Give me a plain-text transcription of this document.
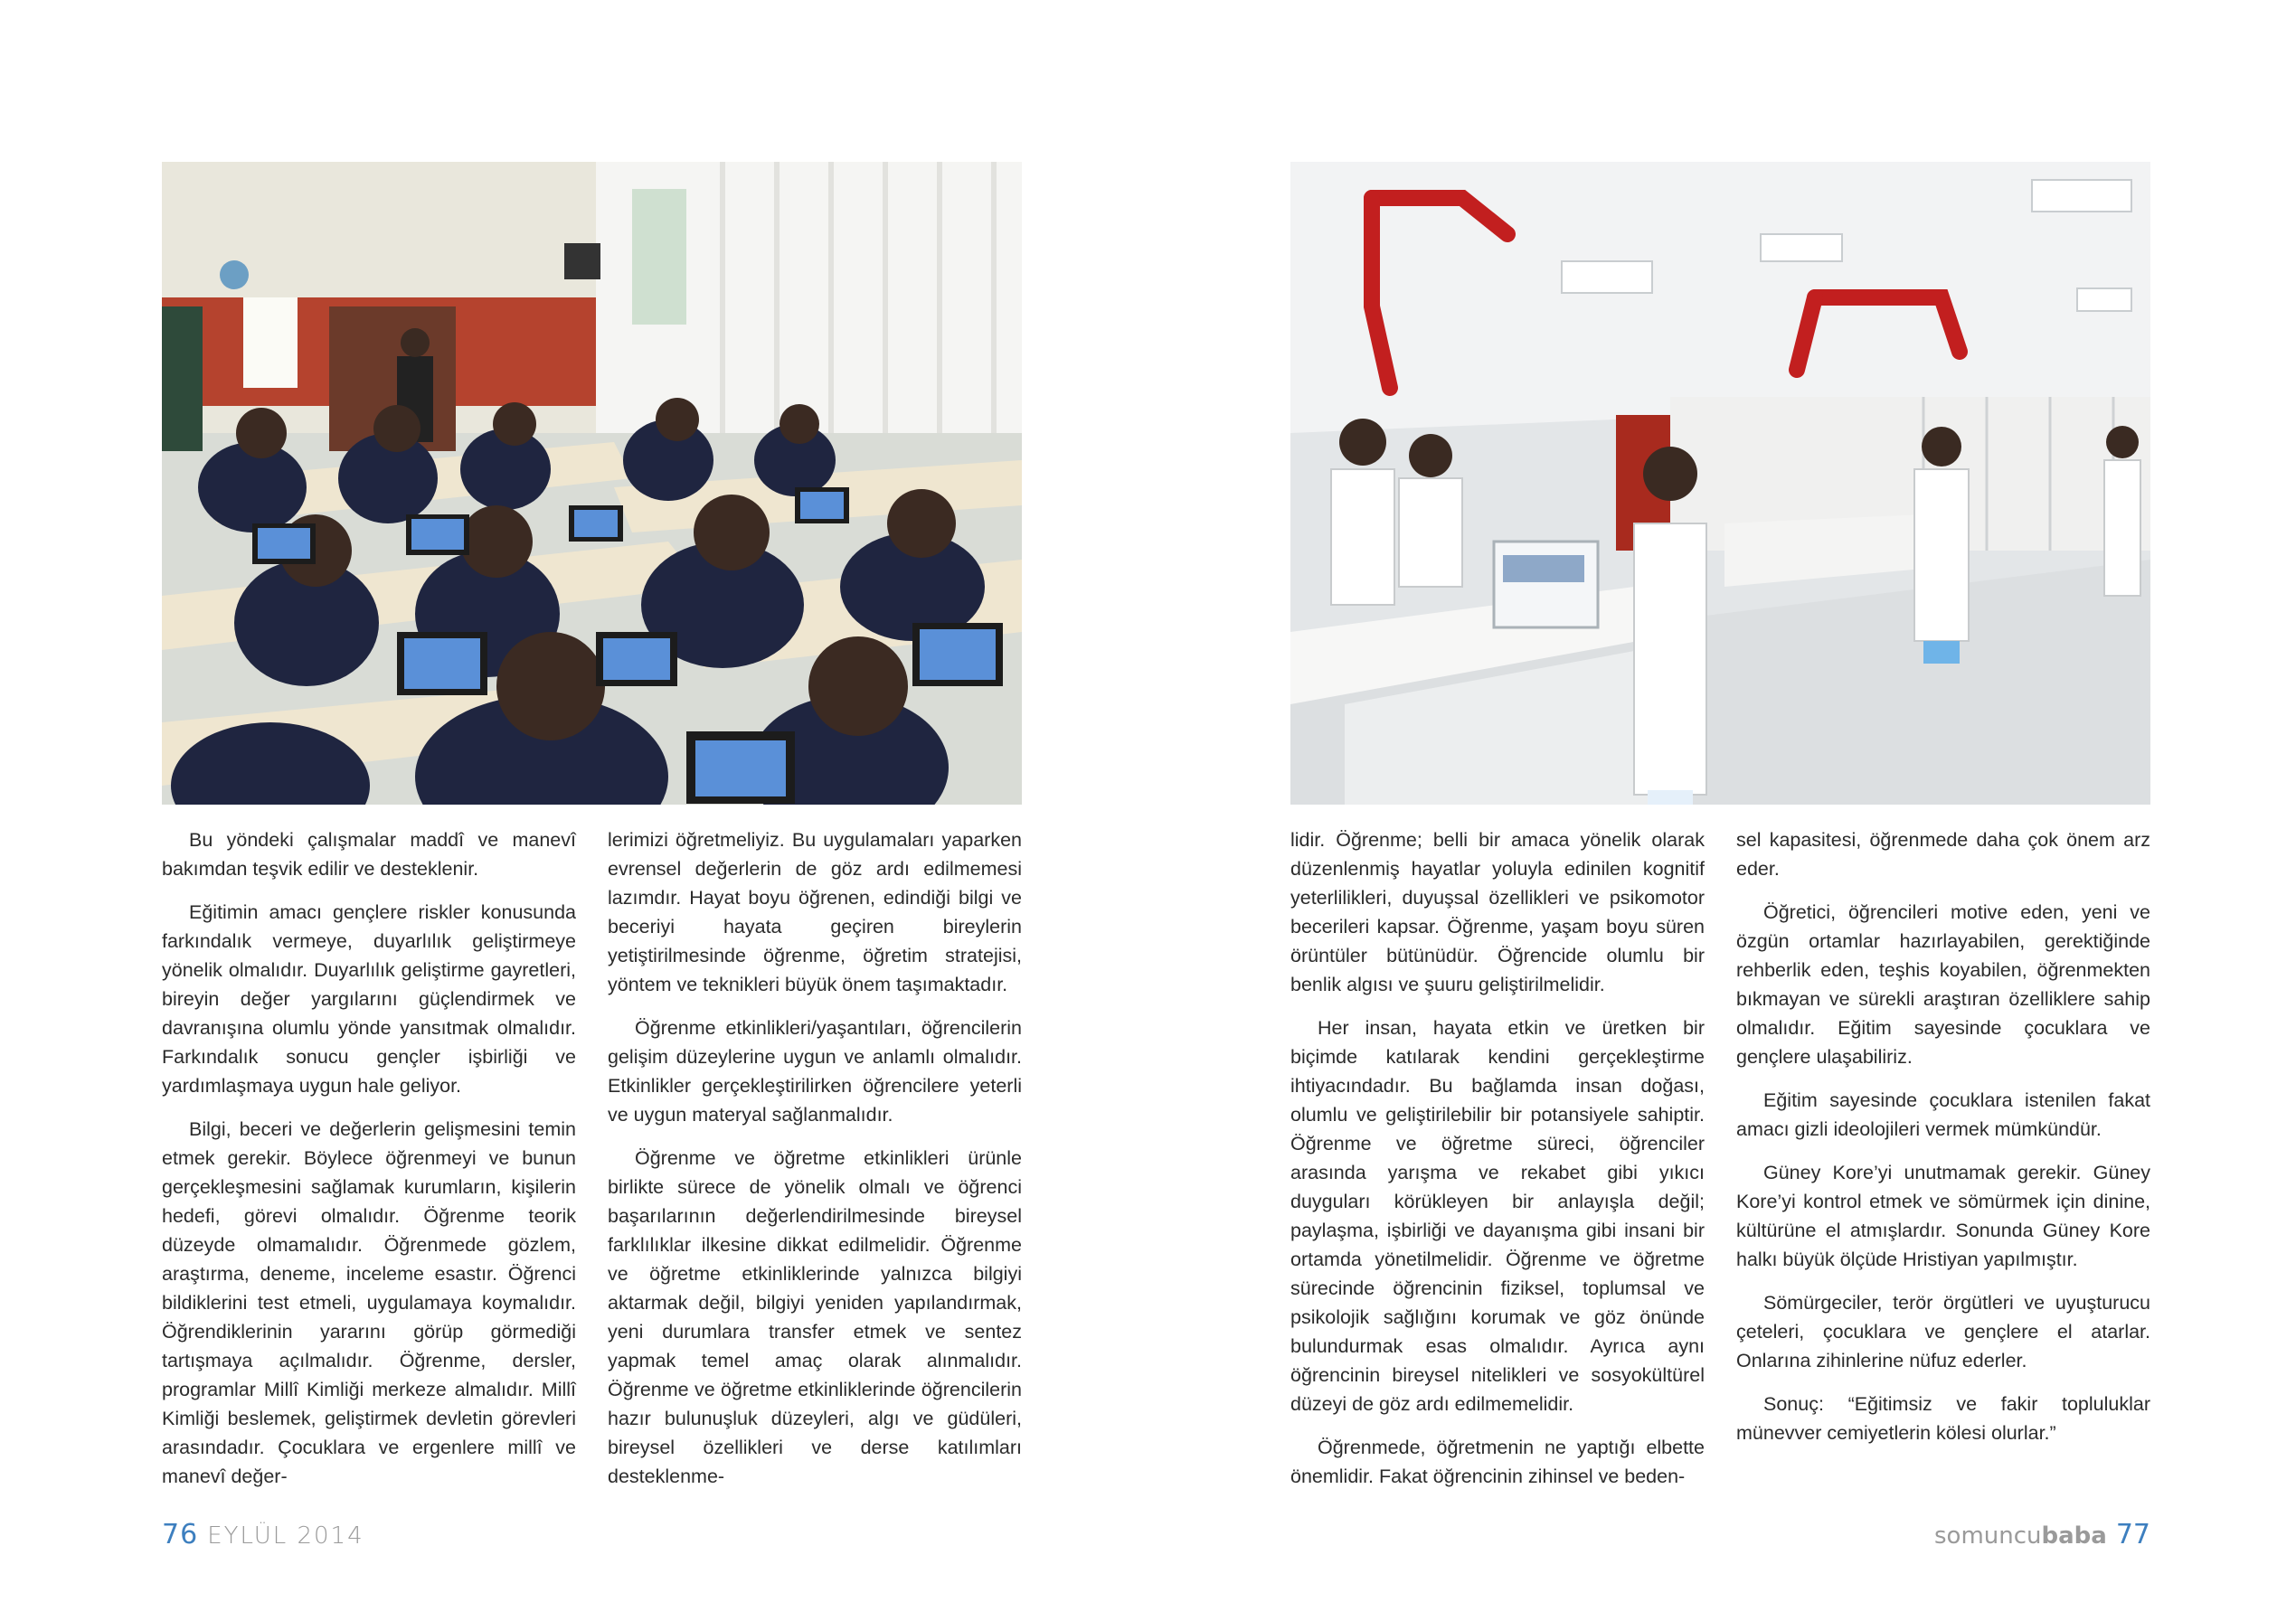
Bu yöndeki çalışmalar maddî ve manevî bakımdan teşvik edilir ve desteklenir.

Eğitimin amacı gençlere riskler konusunda farkındalık vermeye, duyarlılık geliştirmeye yönelik olmalıdır. Duyarlılık geliştirme gayretleri, bireyin değer yargılarını güçlendirmek ve davranışına olumlu yönde yansıtmak olmalıdır. Farkındalık sonucu gençler işbirliği ve yardımlaşmaya uygun hale geliyor.

Bilgi, beceri ve değerlerin gelişmesini temin etmek gerekir. Böylece öğrenmeyi ve bunun gerçekleşmesini sağlamak kurumların, kişilerin hedefi, görevi olmalıdır. Öğrenme teorik düzeyde olmamalıdır. Öğrenmede gözlem, araştırma, deneme, inceleme esastır. Öğrenci bildiklerini test etmeli, uygulamaya koymalıdır. Öğrendiklerinin yararını görüp görmediği tartışmaya açılmalıdır. Öğrenme, dersler, programlar Millî Kimliği merkeze almalıdır. Millî Kimliği beslemek, geliştirmek devletin görevleri arasındadır. Çocuklara ve ergenlere millî ve manevî değer-

lerimizi öğretmeliyiz. Bu uygulamaları yaparken evrensel değerlerin de göz ardı edilmemesi lazımdır. Hayat boyu öğrenen, edindiği bilgi ve beceriyi hayata geçiren bireylerin yetiştirilmesinde öğrenme, öğretim stratejisi, yöntem ve teknikleri büyük önem taşımaktadır.

Öğrenme etkinlikleri/yaşantıları, öğrencilerin gelişim düzeylerine uygun ve anlamlı olmalıdır. Etkinlikler gerçekleştirilirken öğrencilere yeterli ve uygun materyal sağlanmalıdır.

Öğrenme ve öğretme etkinlikleri ürünle birlikte sürece de yönelik olmalı ve öğrenci başarılarının değerlendirilmesinde bireysel farklılıklar ilkesine dikkat edilmelidir. Öğrenme ve öğretme etkinliklerinde yalnızca bilgiyi aktarmak değil, bilgiyi yeniden yapılandırmak, yeni durumlara transfer etmek ve sentez yapmak temel amaç olarak alınmalıdır. Öğrenme ve öğretme etkinliklerinde öğrencilerin hazır bulunuşluk düzeyleri, algı ve güdüleri, bireysel özellikleri ve derse katılımları desteklenme-

lidir. Öğrenme; belli bir amaca yönelik olarak düzenlenmiş hayatlar yoluyla edinilen kognitif yeterlilikleri, duyuşsal özellikleri ve psikomotor becerileri kapsar. Öğrenme, yaşam boyu süren örüntüler bütünüdür. Öğrencide olumlu bir benlik algısı ve şuuru geliştirilmelidir.

Her insan, hayata etkin ve üretken bir biçimde katılarak kendini gerçekleştirme ihtiyacındadır. Bu bağlamda insan doğası, olumlu ve geliştirilebilir bir potansiyele sahiptir. Öğrenme ve öğretme süreci, öğrenciler arasında yarışma ve rekabet gibi yıkıcı duyguları körükleyen bir anlayışla değil; paylaşma, işbirliği ve dayanışma gibi insani bir ortamda yönetilmelidir. Öğrenme ve öğretme sürecinde öğrencinin fiziksel, toplumsal ve psikolojik sağlığını korumak ve göz önünde bulundurmak esas olmalıdır. Ayrıca aynı öğrencinin bireysel nitelikleri ve sosyokültürel düzeyi de göz ardı edilmemelidir.

Öğrenmede, öğretmenin ne yaptığı elbette önemlidir. Fakat öğrencinin zihinsel ve beden-

sel kapasitesi, öğrenmede daha çok önem arz eder.

Öğretici, öğrencileri motive eden, yeni ve özgün ortamlar hazırlayabilen, gerektiğinde rehberlik eden, teşhis koyabilen, öğrenmekten bıkmayan ve sürekli araştıran özelliklere sahip olmalıdır. Eğitim sayesinde çocuklara ve gençlere ulaşabiliriz.

Eğitim sayesinde çocuklara istenilen fakat amacı gizli ideolojileri vermek mümkündür.

Güney Kore’yi unutmamak gerekir. Güney Kore’yi kontrol etmek ve sömürmek için dinine, kültürüne el atmışlardır. Sonunda Güney Kore halkı büyük ölçüde Hristiyan yapılmıştır.

Sömürgeciler, terör örgütleri ve uyuşturucu çeteleri, çocuklara ve gençlere el atarlar. Onlarına zihinlerine nüfuz ederler.

Sonuç: “Eğitimsiz ve fakir topluluklar münevver cemiyetlerin kölesi olurlar.”

76 EYLÜL 2014	somuncubaba 77
